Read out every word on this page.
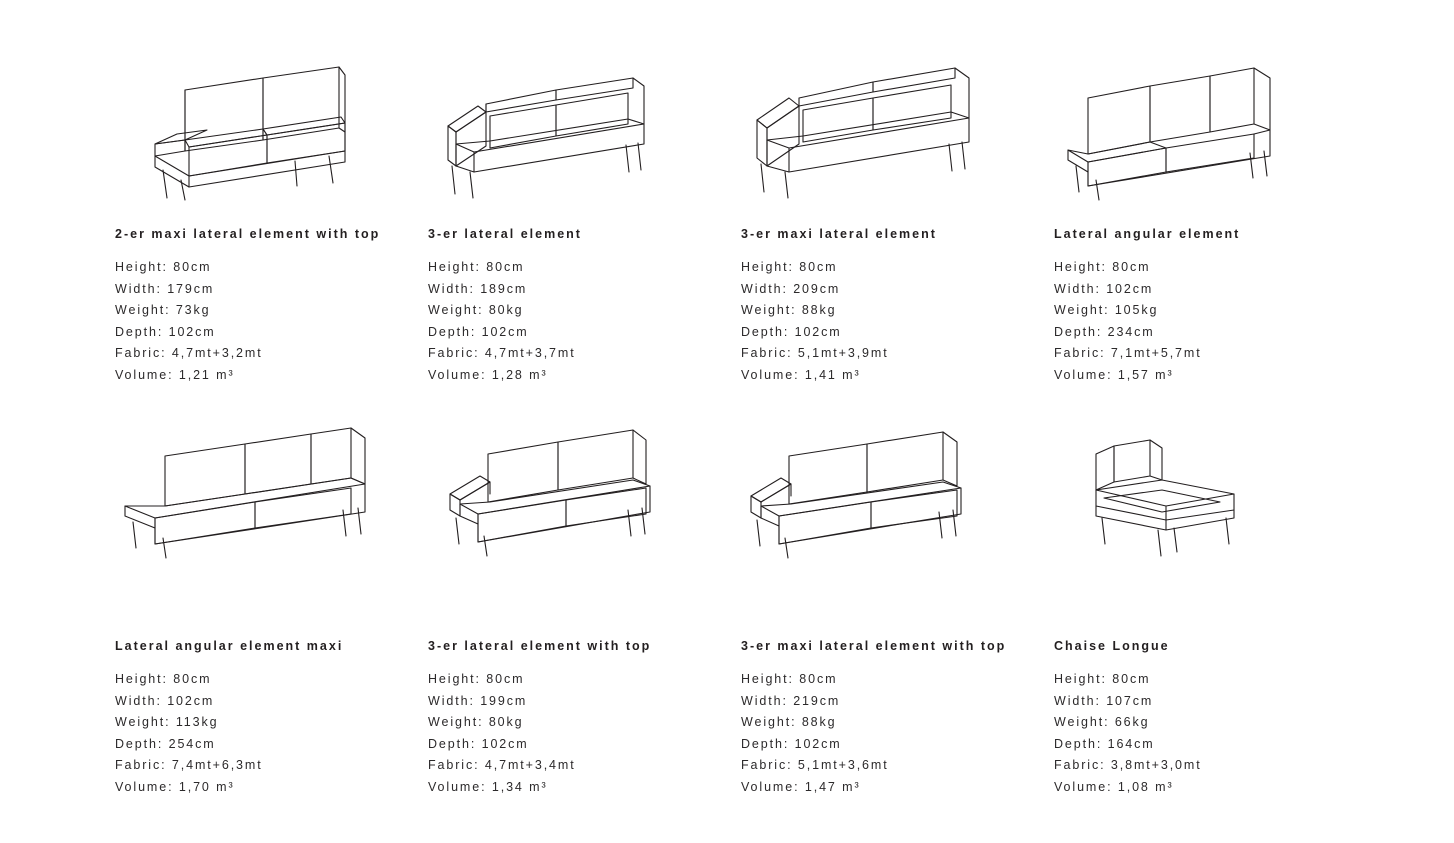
2-er maxi lateral element with top
Height: 80cm
Width: 179cm
Weight: 73kg
Depth: 102cm
Fabric: 4,7mt+3,2mt
Volume: 1,21 m³
3-er lateral element
Height: 80cm
Width: 189cm
Weight: 80kg
Depth: 102cm
Fabric: 4,7mt+3,7mt
Volume: 1,28 m³
3-er maxi lateral element
Height: 80cm
Width: 209cm
Weight: 88kg
Depth: 102cm
Fabric: 5,1mt+3,9mt
Volume: 1,41 m³
Lateral angular element
Height: 80cm
Width: 102cm
Weight: 105kg
Depth: 234cm
Fabric: 7,1mt+5,7mt
Volume: 1,57 m³
Lateral angular element maxi
Height: 80cm
Width: 102cm
Weight: 113kg
Depth: 254cm
Fabric: 7,4mt+6,3mt
Volume: 1,70 m³
3-er lateral element with top
Height: 80cm
Width: 199cm
Weight: 80kg
Depth: 102cm
Fabric: 4,7mt+3,4mt
Volume: 1,34 m³
3-er maxi lateral element with top
Height: 80cm
Width: 219cm
Weight: 88kg
Depth: 102cm
Fabric: 5,1mt+3,6mt
Volume: 1,47 m³
Chaise Longue
Height: 80cm
Width: 107cm
Weight: 66kg
Depth: 164cm
Fabric: 3,8mt+3,0mt
Volume: 1,08 m³
